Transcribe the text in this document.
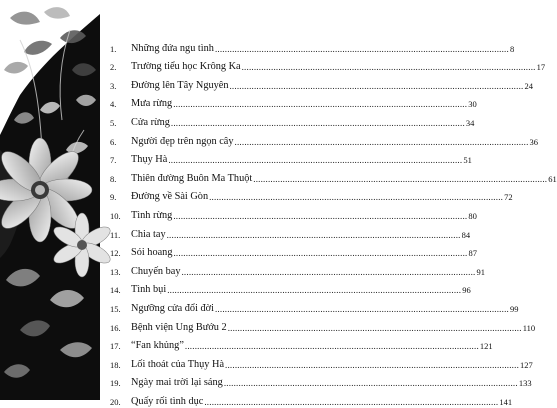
1.	Những đứa ngu tình ........................................................................................................................ 8
2.	Trường tiểu học Krông Ka ........................................................................................................................ 17
3.	Đường lên Tây Nguyên ........................................................................................................................ 24
4.	Mưa rừng ........................................................................................................................ 30
5.	Cửa rừng ........................................................................................................................ 34
6.	Người đẹp trên ngọn cây ........................................................................................................................ 36
7.	Thụy Hà ........................................................................................................................ 51
8.	Thiên đường Buôn Ma Thuột ........................................................................................................................ 61
9.	Đường về Sài Gòn ........................................................................................................................ 72
10.	Tình rừng ........................................................................................................................ 80
11.	Chia tay ........................................................................................................................ 84
12.	Sói hoang ........................................................................................................................ 87
13.	Chuyến bay ........................................................................................................................ 91
14.	Tình bụi ........................................................................................................................ 96
15.	Ngưỡng cửa đổi đời ........................................................................................................................ 99
16.	Bệnh viện Ung Bướu 2 ........................................................................................................................ 110
17.	“Fan khủng” ........................................................................................................................ 121
18.	Lối thoát của Thụy Hà ........................................................................................................................ 127
19.	Ngày mai trời lại sáng ........................................................................................................................ 133
20.	Quấy rối tình dục ........................................................................................................................ 141
